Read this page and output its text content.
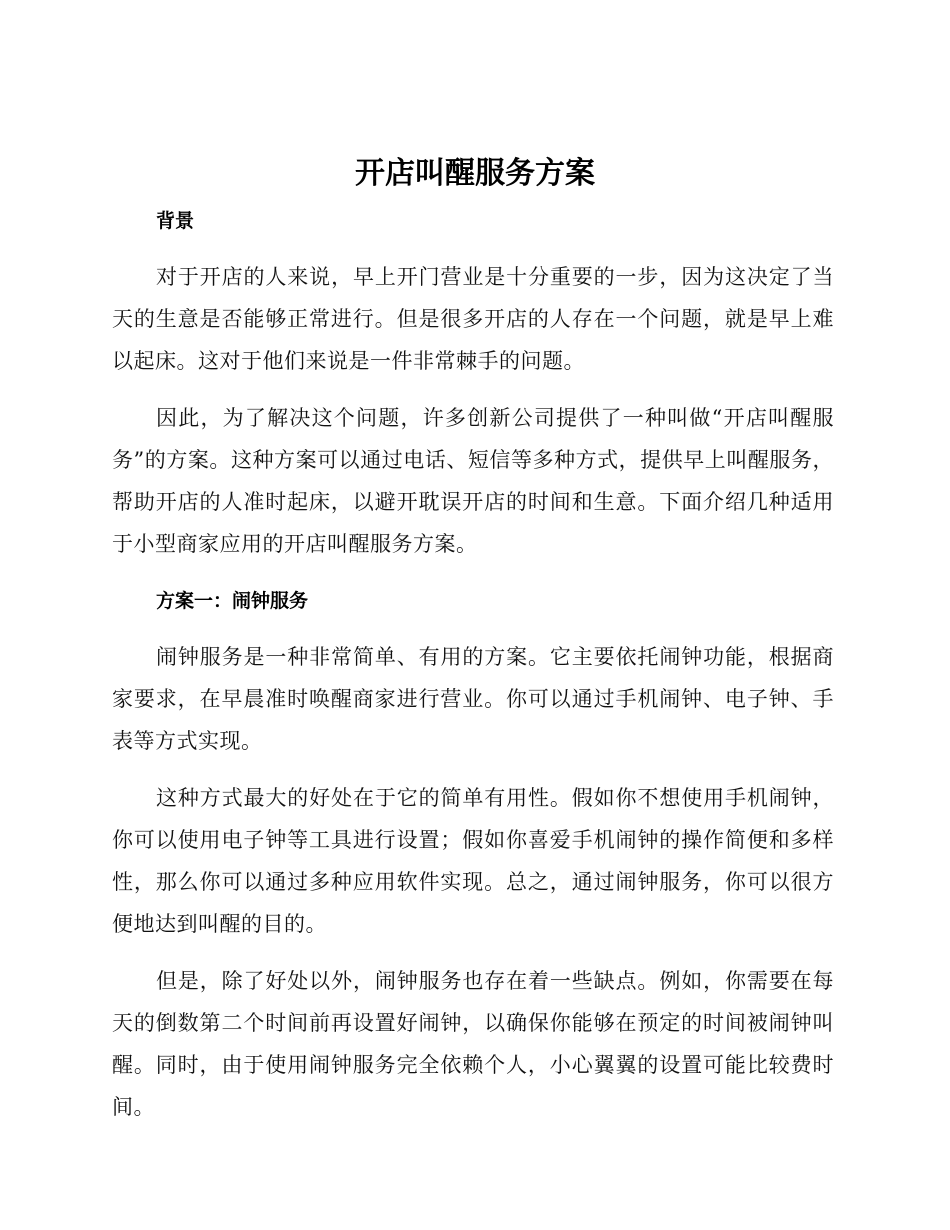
开店叫醒服务方案
背景

对于开店的人来说，早上开门营业是十分重要的一步，因为这决定了当天的生意是否能够正常进行。但是很多开店的人存在一个问题，就是早上难以起床。这对于他们来说是一件非常棘手的问题。

因此，为了解决这个问题，许多创新公司提供了一种叫做“开店叫醒服务”的方案。这种方案可以通过电话、短信等多种方式，提供早上叫醒服务，帮助开店的人准时起床，以避开耽误开店的时间和生意。下面介绍几种适用于小型商家应用的开店叫醒服务方案。

方案一：闹钟服务

闹钟服务是一种非常简单、有用的方案。它主要依托闹钟功能，根据商家要求，在早晨准时唤醒商家进行营业。你可以通过手机闹钟、电子钟、手表等方式实现。

这种方式最大的好处在于它的简单有用性。假如你不想使用手机闹钟，你可以使用电子钟等工具进行设置；假如你喜爱手机闹钟的操作简便和多样性，那么你可以通过多种应用软件实现。总之，通过闹钟服务，你可以很方便地达到叫醒的目的。

但是，除了好处以外，闹钟服务也存在着一些缺点。例如，你需要在每天的倒数第二个时间前再设置好闹钟，以确保你能够在预定的时间被闹钟叫醒。同时，由于使用闹钟服务完全依赖个人，小心翼翼的设置可能比较费时间。
